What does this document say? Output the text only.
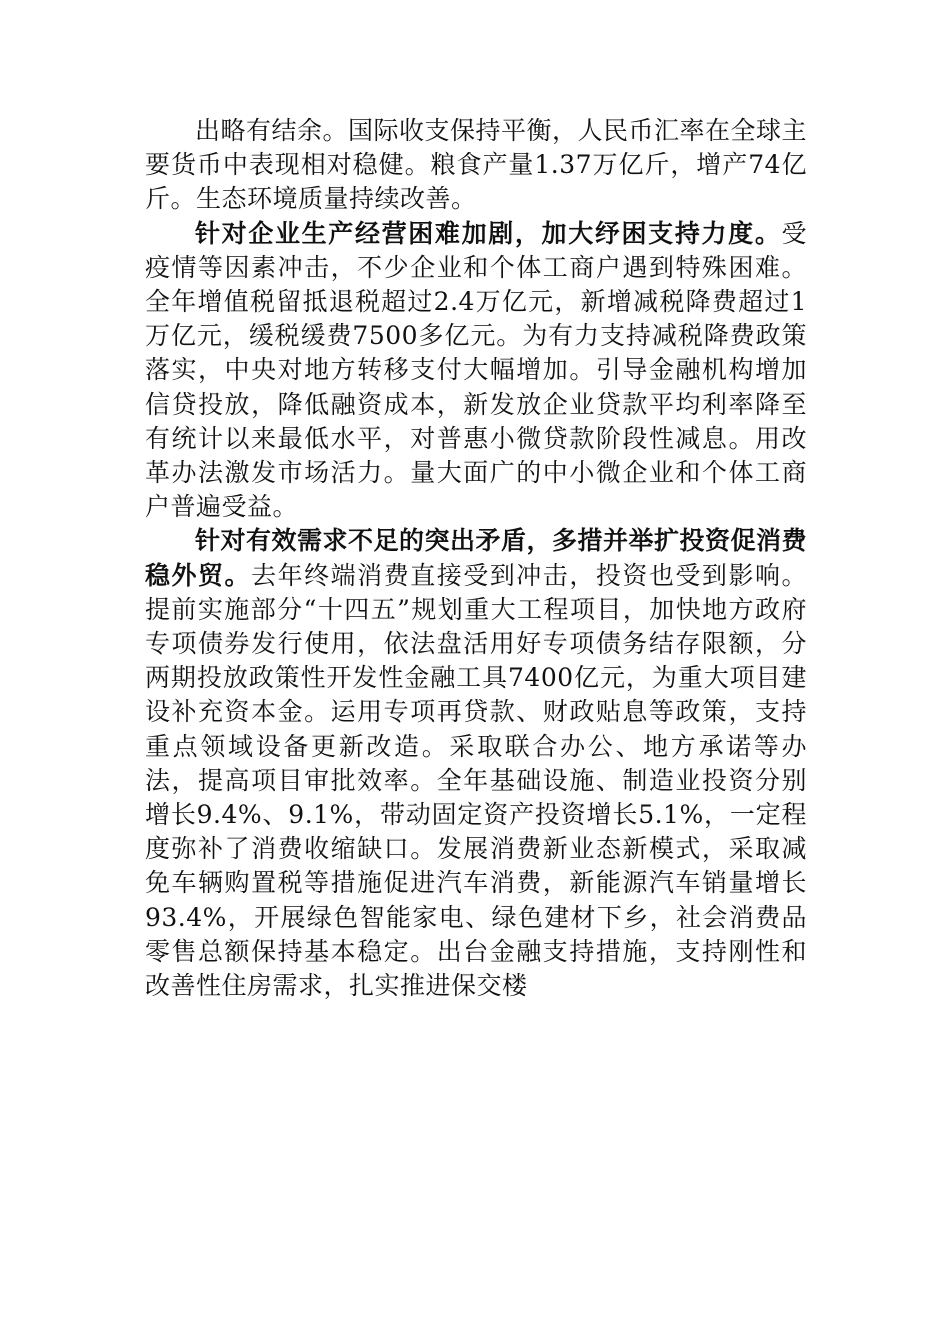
出略有结余。国际收支保持平衡，人民币汇率在全球主要货币中表现相对稳健。粮食产量1.37万亿斤，增产74亿斤。生态环境质量持续改善。

针对企业生产经营困难加剧，加大纾困支持力度。受疫情等因素冲击，不少企业和个体工商户遇到特殊困难。全年增值税留抵退税超过2.4万亿元，新增减税降费超过1万亿元，缓税缓费7500多亿元。为有力支持减税降费政策落实，中央对地方转移支付大幅增加。引导金融机构增加信贷投放，降低融资成本，新发放企业贷款平均利率降至有统计以来最低水平，对普惠小微贷款阶段性减息。用改革办法激发市场活力。量大面广的中小微企业和个体工商户普遍受益。

针对有效需求不足的突出矛盾，多措并举扩投资促消费稳外贸。去年终端消费直接受到冲击，投资也受到影响。提前实施部分“十四五”规划重大工程项目，加快地方政府专项债券发行使用，依法盘活用好专项债务结存限额，分两期投放政策性开发性金融工具7400亿元，为重大项目建设补充资本金。运用专项再贷款、财政贴息等政策，支持重点领域设备更新改造。采取联合办公、地方承诺等办法，提高项目审批效率。全年基础设施、制造业投资分别增长9.4%、9.1%，带动固定资产投资增长5.1%，一定程度弥补了消费收缩缺口。发展消费新业态新模式，采取减免车辆购置税等措施促进汽车消费，新能源汽车销量增长93.4%，开展绿色智能家电、绿色建材下乡，社会消费品零售总额保持基本稳定。出台金融支持措施，支持刚性和改善性住房需求，扎实推进保交楼
